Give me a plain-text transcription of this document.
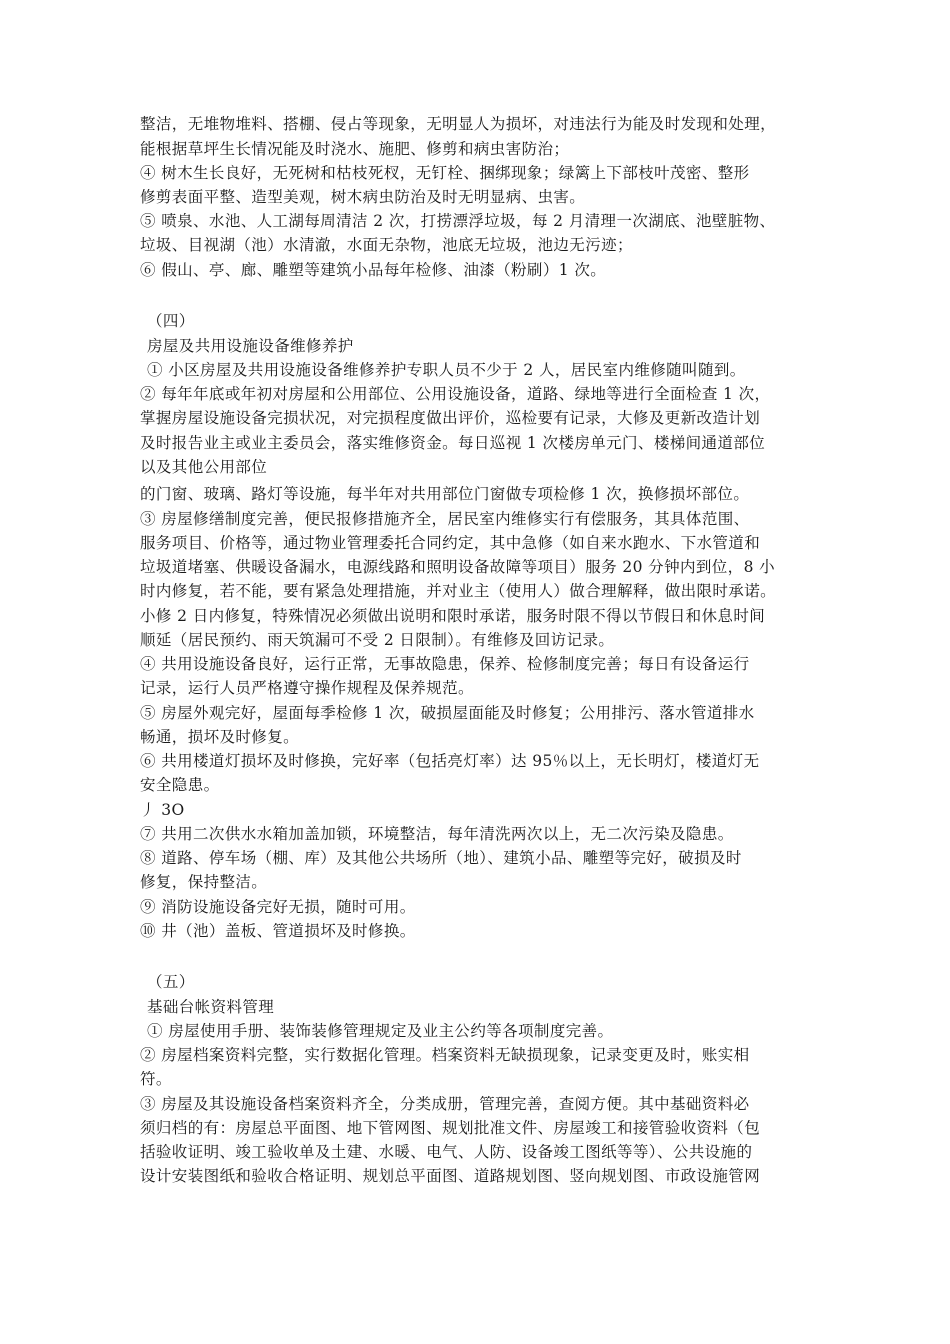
整洁，无堆物堆料、搭棚、侵占等现象，无明显人为损坏，对违法行为能及时发现和处理，
能根据草坪生长情况能及时浇水、施肥、修剪和病虫害防治；
④ 树木生长良好，无死树和枯枝死杈，无钉栓、捆绑现象；绿篱上下部枝叶茂密、整形
修剪表面平整、造型美观，树木病虫防治及时无明显病、虫害。
⑤ 喷泉、水池、人工湖每周清洁 2 次，打捞漂浮垃圾，每 2 月清理一次湖底、池壁脏物、
垃圾、目视湖（池）水清澈，水面无杂物，池底无垃圾，池边无污迹；
⑥ 假山、亭、廊、雕塑等建筑小品每年检修、油漆（粉刷）1 次。
（四）
房屋及共用设施设备维修养护
① 小区房屋及共用设施设备维修养护专职人员不少于 2 人，居民室内维修随叫随到。
② 每年年底或年初对房屋和公用部位、公用设施设备，道路、绿地等进行全面检查 1 次，
掌握房屋设施设备完损状况，对完损程度做出评价，巡检要有记录，大修及更新改造计划
及时报告业主或业主委员会，落实维修资金。每日巡视 1 次楼房单元门、楼梯间通道部位
以及其他公用部位
的门窗、玻璃、路灯等设施，每半年对共用部位门窗做专项检修 1 次，换修损坏部位。
③ 房屋修缮制度完善，便民报修措施齐全，居民室内维修实行有偿服务，其具体范围、
服务项目、价格等，通过物业管理委托合同约定，其中急修（如自来水跑水、下水管道和
垃圾道堵塞、供暖设备漏水，电源线路和照明设备故障等项目）服务 20 分钟内到位，8 小
时内修复，若不能，要有紧急处理措施，并对业主（使用人）做合理解释，做出限时承诺。
小修 2 日内修复，特殊情况必须做出说明和限时承诺，服务时限不得以节假日和休息时间
顺延（居民预约、雨天筑漏可不受 2 日限制）。有维修及回访记录。
④ 共用设施设备良好，运行正常，无事故隐患，保养、检修制度完善；每日有设备运行
记录，运行人员严格遵守操作规程及保养规范。
⑤ 房屋外观完好，屋面每季检修 1 次，破损屋面能及时修复；公用排污、落水管道排水
畅通，损坏及时修复。
⑥ 共用楼道灯损坏及时修换，完好率（包括亮灯率）达 95％以上，无长明灯，楼道灯无
安全隐患。
丿 3O
⑦ 共用二次供水水箱加盖加锁，环境整洁，每年清洗两次以上，无二次污染及隐患。
⑧ 道路、停车场（棚、库）及其他公共场所（地）、建筑小品、雕塑等完好，破损及时
修复，保持整洁。
⑨ 消防设施设备完好无损，随时可用。
⑩ 井（池）盖板、管道损坏及时修换。
（五）
基础台帐资料管理
① 房屋使用手册、装饰装修管理规定及业主公约等各项制度完善。
② 房屋档案资料完整，实行数据化管理。档案资料无缺损现象，记录变更及时，账实相
符。
③ 房屋及其设施设备档案资料齐全，分类成册，管理完善，查阅方便。其中基础资料必
须归档的有：房屋总平面图、地下管网图、规划批准文件、房屋竣工和接管验收资料（包
括验收证明、竣工验收单及土建、水暖、电气、人防、设备竣工图纸等等）、公共设施的
设计安装图纸和验收合格证明、规划总平面图、道路规划图、竖向规划图、市政设施管网
